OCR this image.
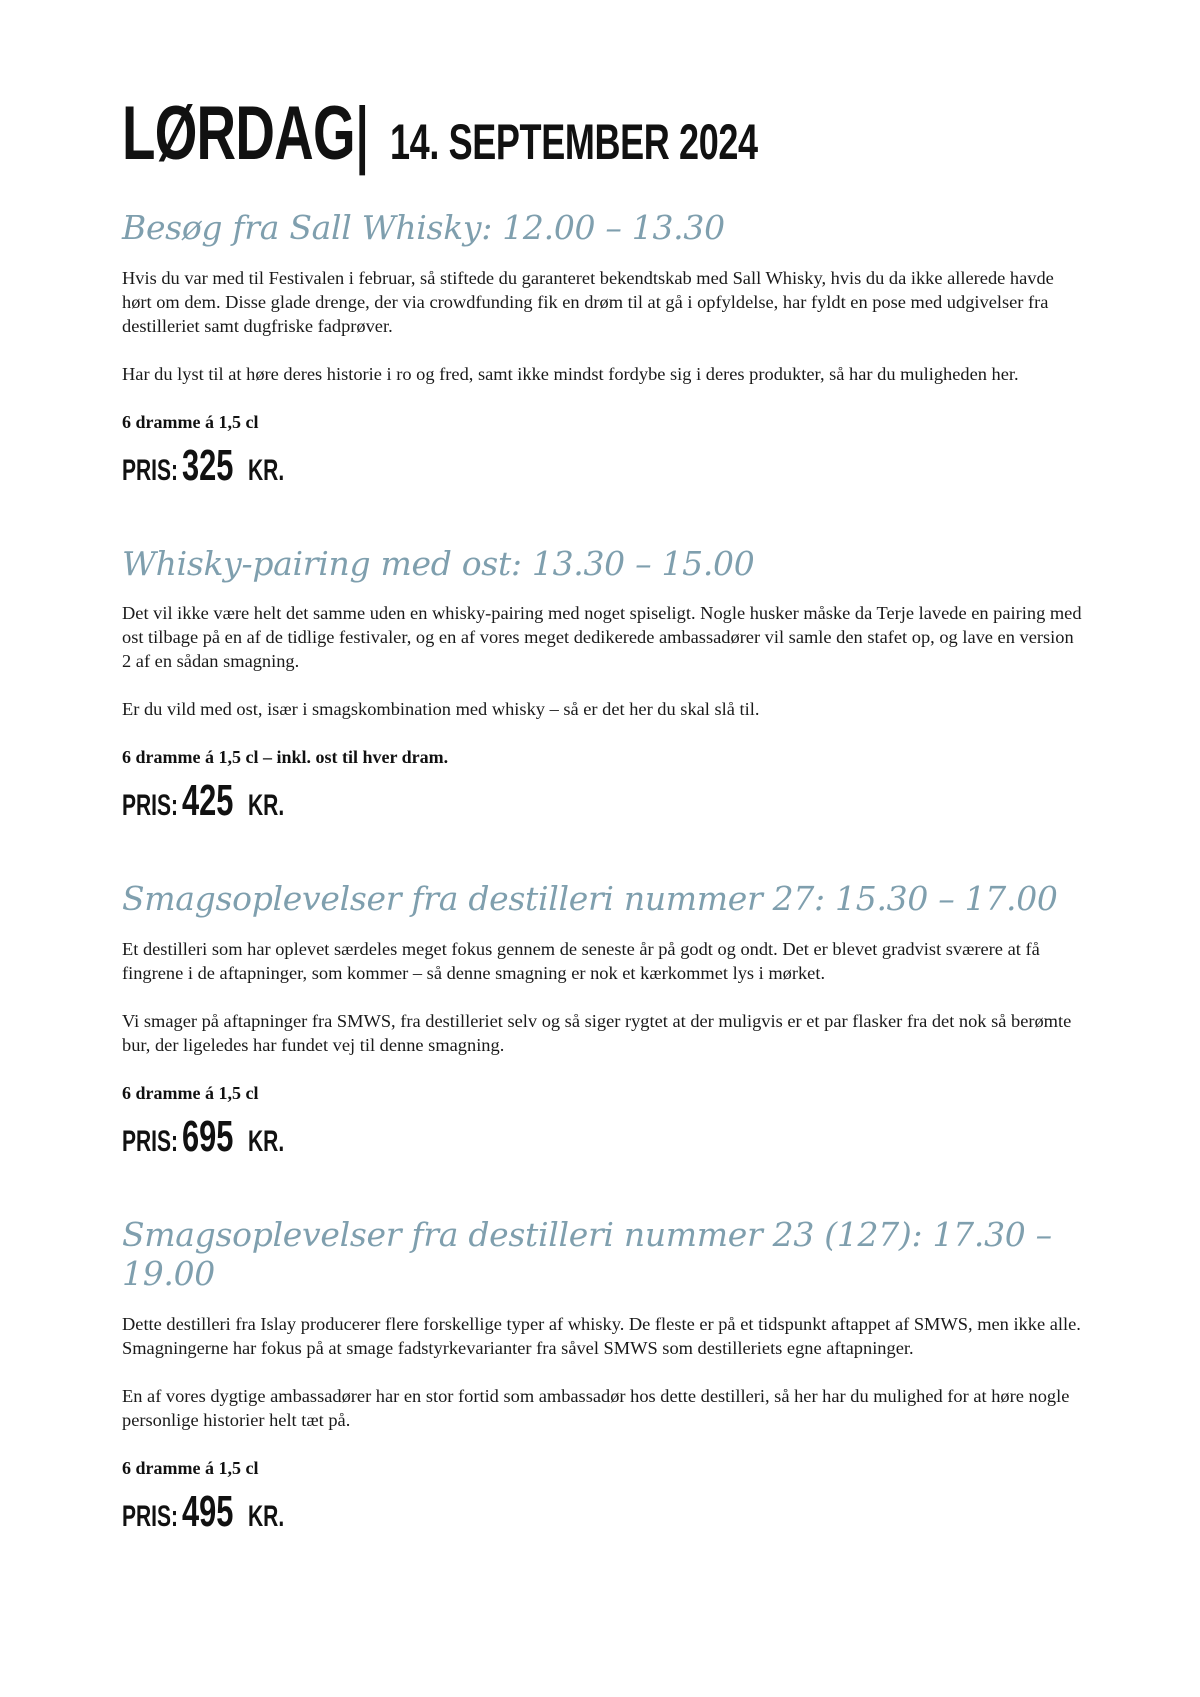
LØRDAG | 14. SEPTEMBER 2024
Besøg fra Sall Whisky: 12.00 – 13.30

Hvis du var med til Festivalen i februar, så stiftede du garanteret bekendtskab med Sall Whisky, hvis du da ikke allerede havde hørt om dem. Disse glade drenge, der via crowdfunding fik en drøm til at gå i opfyldelse, har fyldt en pose med udgivelser fra destilleriet samt dugfriske fadprøver.

Har du lyst til at høre deres historie i ro og fred, samt ikke mindst fordybe sig i deres produkter, så har du muligheden her.

6 dramme á 1,5 cl

PRIS: 325 KR.
Whisky-pairing med ost: 13.30 – 15.00

Det vil ikke være helt det samme uden en whisky-pairing med noget spiseligt. Nogle husker måske da Terje lavede en pairing med ost tilbage på en af de tidlige festivaler, og en af vores meget dedikerede ambassadører vil samle den stafet op, og lave en version 2 af en sådan smagning.

Er du vild med ost, især i smagskombination med whisky – så er det her du skal slå til.

6 dramme á 1,5 cl – inkl. ost til hver dram.

PRIS: 425 KR.
Smagsoplevelser fra destilleri nummer 27: 15.30 – 17.00

Et destilleri som har oplevet særdeles meget fokus gennem de seneste år på godt og ondt. Det er blevet gradvist sværere at få fingrene i de aftapninger, som kommer – så denne smagning er nok et kærkommet lys i mørket.

Vi smager på aftapninger fra SMWS, fra destilleriet selv og så siger rygtet at der muligvis er et par flasker fra det nok så berømte bur, der ligeledes har fundet vej til denne smagning.

6 dramme á 1,5 cl

PRIS: 695 KR.
Smagsoplevelser fra destilleri nummer 23 (127): 17.30 – 19.00

Dette destilleri fra Islay producerer flere forskellige typer af whisky. De fleste er på et tidspunkt aftappet af SMWS, men ikke alle. Smagningerne har fokus på at smage fadstyrkevarianter fra såvel SMWS som destilleriets egne aftapninger.

En af vores dygtige ambassadører har en stor fortid som ambassadør hos dette destilleri, så her har du mulighed for at høre nogle personlige historier helt tæt på.

6 dramme á 1,5 cl

PRIS: 495 KR.
